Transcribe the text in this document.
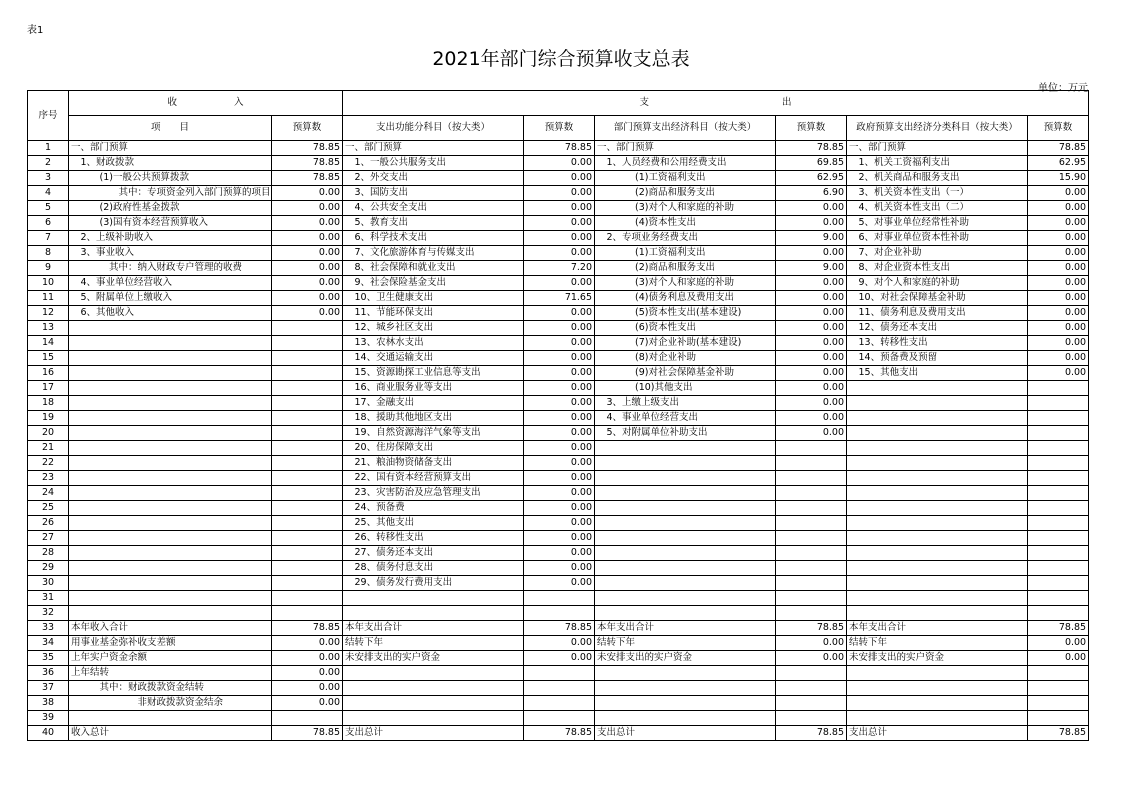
表1
2021年部门综合预算收支总表
单位：万元
序号	收　　　　　　入		支　　　　　　　　　　　　　　出					
	项　　目	预算数	支出功能分科目（按大类）	预算数	部门预算支出经济科目（按大类）	预算数	政府预算支出经济分类科目（按大类）	预算数
1	一、部门预算	78.85	一、部门预算	78.85	一、部门预算	78.85	一、部门预算	78.85
2	　1、财政拨款	78.85	　1、一般公共服务支出	0.00	　1、人员经费和公用经费支出	69.85	　1、机关工资福利支出	62.95
3	　　　(1)一般公共预算拨款	78.85	　2、外交支出	0.00	　　　　(1)工资福利支出	62.95	　2、机关商品和服务支出	15.90
4	　　　　　其中：专项资金列入部门预算的项目	0.00	　3、国防支出	0.00	　　　　(2)商品和服务支出	6.90	　3、机关资本性支出（一）	0.00
5	　　　(2)政府性基金拨款	0.00	　4、公共安全支出	0.00	　　　　(3)对个人和家庭的补助	0.00	　4、机关资本性支出（二）	0.00
6	　　　(3)国有资本经营预算收入	0.00	　5、教育支出	0.00	　　　　(4)资本性支出	0.00	　5、对事业单位经常性补助	0.00
7	　2、上级补助收入	0.00	　6、科学技术支出	0.00	　2、专项业务经费支出	9.00	　6、对事业单位资本性补助	0.00
8	　3、事业收入	0.00	　7、文化旅游体育与传媒支出	0.00	　　　　(1)工资福利支出	0.00	　7、对企业补助	0.00
9	　　　　其中：纳入财政专户管理的收费	0.00	　8、社会保障和就业支出	7.20	　　　　(2)商品和服务支出	9.00	　8、对企业资本性支出	0.00
10	　4、事业单位经营收入	0.00	　9、社会保险基金支出	0.00	　　　　(3)对个人和家庭的补助	0.00	　9、对个人和家庭的补助	0.00
11	　5、附属单位上缴收入	0.00	　10、卫生健康支出	71.65	　　　　(4)债务利息及费用支出	0.00	　10、对社会保障基金补助	0.00
12	　6、其他收入	0.00	　11、节能环保支出	0.00	　　　　(5)资本性支出(基本建设)	0.00	　11、债务利息及费用支出	0.00
13			　12、城乡社区支出	0.00	　　　　(6)资本性支出	0.00	　12、债务还本支出	0.00
14			　13、农林水支出	0.00	　　　　(7)对企业补助(基本建设)	0.00	　13、转移性支出	0.00
15			　14、交通运输支出	0.00	　　　　(8)对企业补助	0.00	　14、预备费及预留	0.00
16			　15、资源勘探工业信息等支出	0.00	　　　　(9)对社会保障基金补助	0.00	　15、其他支出	0.00
17			　16、商业服务业等支出	0.00	　　　　(10)其他支出	0.00		
18			　17、金融支出	0.00	　3、上缴上级支出	0.00		
19			　18、援助其他地区支出	0.00	　4、事业单位经营支出	0.00		
20			　19、自然资源海洋气象等支出	0.00	　5、对附属单位补助支出	0.00		
21			　20、住房保障支出	0.00				
22			　21、粮油物资储备支出	0.00				
23			　22、国有资本经营预算支出	0.00				
24			　23、灾害防治及应急管理支出	0.00				
25			　24、预备费	0.00				
26			　25、其他支出	0.00				
27			　26、转移性支出	0.00				
28			　27、债务还本支出	0.00				
29			　28、债务付息支出	0.00				
30			　29、债务发行费用支出	0.00				
31								
32								
33	本年收入合计	78.85	本年支出合计	78.85	本年支出合计	78.85	本年支出合计	78.85
34	用事业基金弥补收支差额	0.00	结转下年	0.00	结转下年	0.00	结转下年	0.00
35	上年实户资金余额	0.00	未安排支出的实户资金	0.00	未安排支出的实户资金	0.00	未安排支出的实户资金	0.00
36	上年结转	0.00						
37	　　　其中：财政拨款资金结转	0.00						
38	　　　　　　　非财政拨款资金结余	0.00						
39								
40	收入总计	78.85	支出总计	78.85	支出总计	78.85	支出总计	78.85
